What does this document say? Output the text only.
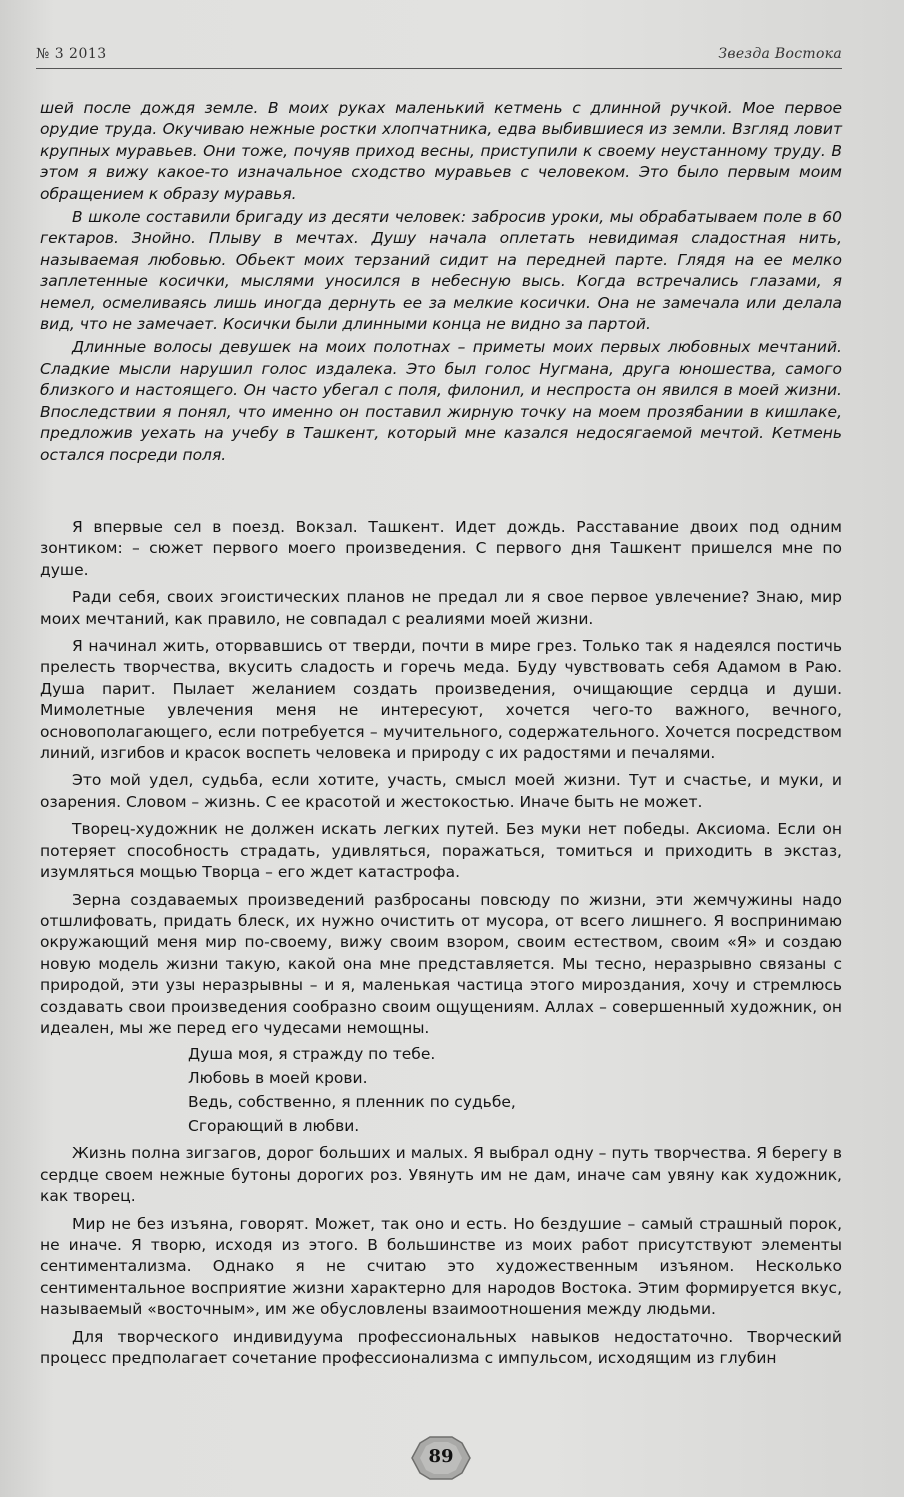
№ 3 2013	Звезда Востока

шей после дождя земле. В моих руках маленький кетмень с длинной ручкой. Мое первое орудие труда. Окучиваю нежные ростки хлопчатника, едва выбившиеся из земли. Взгляд ловит крупных муравьев. Они тоже, почуяв приход весны, приступили к своему неустанному труду. В этом я вижу какое-то изначальное сходство муравьев с человеком. Это было первым моим обращением к образу муравья.

В школе составили бригаду из десяти человек: забросив уроки, мы обрабатываем поле в 60 гектаров. Знойно. Плыву в мечтах. Душу начала оплетать невидимая сладостная нить, называемая любовью. Обьект моих терзаний сидит на передней парте. Глядя на ее мелко заплетенные косички, мыслями уносился в небесную высь. Когда встречались глазами, я немел, осмеливаясь лишь иногда дернуть ее за мелкие косички. Она не замечала или делала вид, что не замечает. Косички были длинными конца не видно за партой.

Длинные волосы девушек на моих полотнах – приметы моих первых любовных мечтаний. Сладкие мысли нарушил голос издалека. Это был голос Нугмана, друга юношества, самого близкого и настоящего. Он часто убегал с поля, филонил, и неспроста он явился в моей жизни. Впоследствии я понял, что именно он поставил жирную точку на моем прозябании в кишлаке, предложив уехать на учебу в Ташкент, который мне казался недосягаемой мечтой. Кетмень остался посреди поля.

Я впервые сел в поезд. Вокзал. Ташкент. Идет дождь. Расставание двоих под одним зонтиком: – сюжет первого моего произведения. С первого дня Ташкент пришелся мне по душе.

Ради себя, своих эгоистических планов не предал ли я свое первое увлечение? Знаю, мир моих мечтаний, как правило, не совпадал с реалиями моей жизни.

Я начинал жить, оторвавшись от тверди, почти в мире грез. Только так я надеялся постичь прелесть творчества, вкусить сладость и горечь меда. Буду чувствовать себя Адамом в Раю. Душа парит. Пылает желанием создать произведения, очищающие сердца и души. Мимолетные увлечения меня не интересуют, хочется чего-то важного, вечного, основополагающего, если потребуется – мучительного, содержательного. Хочется посредством линий, изгибов и красок воспеть человека и природу с их радостями и печалями.

Это мой удел, судьба, если хотите, участь, смысл моей жизни. Тут и счастье, и муки, и озарения. Словом – жизнь. С ее красотой и жестокостью. Иначе быть не может.

Творец-художник не должен искать легких путей. Без муки нет победы. Аксиома. Если он потеряет способность страдать, удивляться, поражаться, томиться и приходить в экстаз, изумляться мощью Творца – его ждет катастрофа.

Зерна создаваемых произведений разбросаны повсюду по жизни, эти жемчужины надо отшлифовать, придать блеск, их нужно очистить от мусора, от всего лишнего. Я воспринимаю окружающий меня мир по-своему, вижу своим взором, своим естеством, своим «Я» и создаю новую модель жизни такую, какой она мне представляется. Мы тесно, неразрывно связаны с природой, эти узы неразрывны – и я, маленькая частица этого мироздания, хочу и стремлюсь создавать свои произведения сообразно своим ощущениям. Аллах – совершенный художник, он идеален, мы же перед его чудесами немощны.

Душа моя, я стражду по тебе.
Любовь в моей крови.
Ведь, собственно, я пленник по судьбе,
Сгорающий в любви.

Жизнь полна зигзагов, дорог больших и малых. Я выбрал одну – путь творчества. Я берегу в сердце своем нежные бутоны дорогих роз. Увянуть им не дам, иначе сам увяну как художник, как творец.

Мир не без изъяна, говорят. Может, так оно и есть. Но бездушие – самый страшный порок, не иначе. Я творю, исходя из этого. В большинстве из моих работ присутствуют элементы сентиментализма. Однако я не считаю это художественным изъяном. Несколько сентиментальное восприятие жизни характерно для народов Востока. Этим формируется вкус, называемый «восточным», им же обусловлены взаимоотношения между людьми.

Для творческого индивидуума профессиональных навыков недостаточно. Творческий процесс предполагает сочетание профессионализма с импульсом, исходящим из глубин

89
